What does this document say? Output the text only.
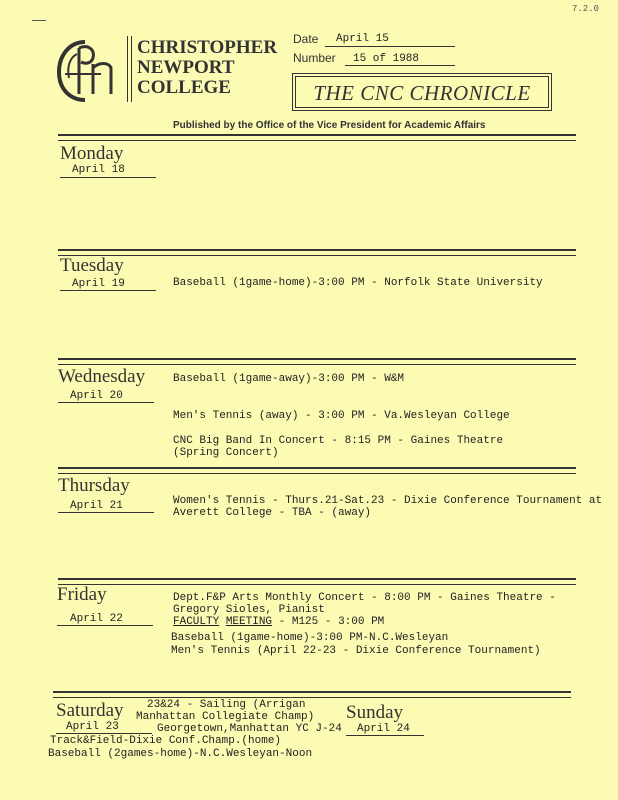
7.2.0
CHRISTOPHER
NEWPORT
COLLEGE
Date April 15
Number 15 of 1988
THE CNC CHRONICLE
Published by the Office of the Vice President for Academic Affairs
Monday
April 18
Tuesday
April 19	Baseball (1game-home)-3:00 PM - Norfolk State University
Wednesday
April 20
Baseball (1game-away)-3:00 PM - W&M
Men's Tennis (away) - 3:00 PM - Va.Wesleyan College
CNC Big Band In Concert - 8:15 PM - Gaines Theatre
(Spring Concert)
Thursday
April 21	Women's Tennis - Thurs.21-Sat.23 - Dixie Conference Tournament at
Averett College - TBA - (away)
Friday
April 22
Dept.F&P Arts Monthly Concert - 8:00 PM - Gaines Theatre -
Gregory Sioles, Pianist
FACULTY MEETING - M125 - 3:00 PM
Baseball (1game-home)-3:00 PM-N.C.Wesleyan
Men's Tennis (April 22-23 - Dixie Conference Tournament)
Saturday
April 23
23&24 - Sailing (Arrigan
Manhattan Collegiate Champ)
Georgetown,Manhattan YC J-24
Track&Field-Dixie Conf.Champ.(home)
Baseball (2games-home)-N.C.Wesleyan-Noon
Sunday
April 24
